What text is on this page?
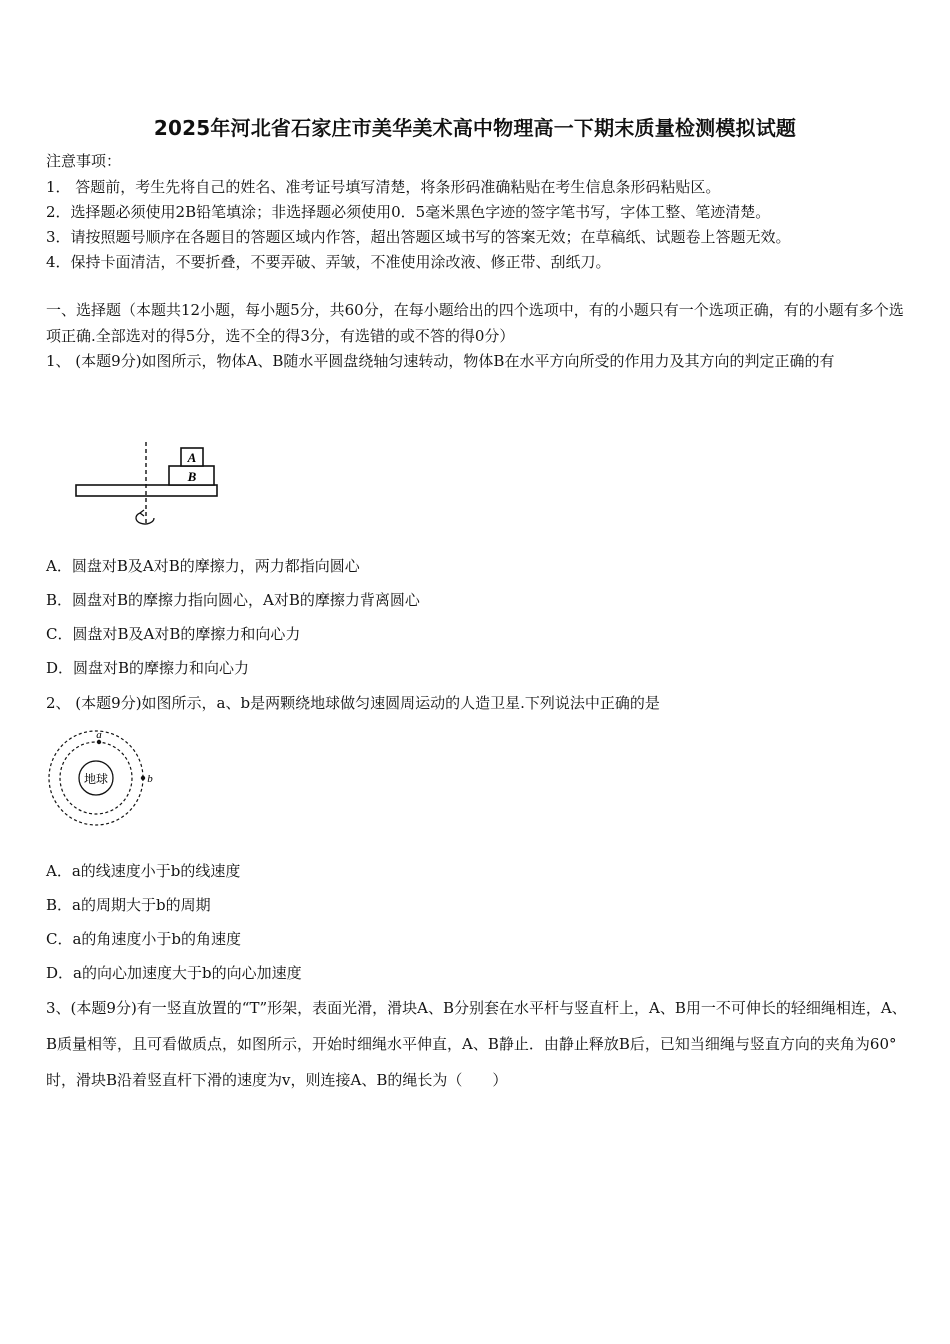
2025年河北省石家庄市美华美术高中物理高一下期末质量检测模拟试题
注意事项：
1． 答题前，考生先将自己的姓名、准考证号填写清楚，将条形码准确粘贴在考生信息条形码粘贴区。
2．选择题必须使用2B铅笔填涂；非选择题必须使用0．5毫米黑色字迹的签字笔书写，字体工整、笔迹清楚。
3．请按照题号顺序在各题目的答题区域内作答，超出答题区域书写的答案无效；在草稿纸、试题卷上答题无效。
4．保持卡面清洁，不要折叠，不要弄破、弄皱，不准使用涂改液、修正带、刮纸刀。
一、选择题（本题共12小题，每小题5分，共60分，在每小题给出的四个选项中，有的小题只有一个选项正确，有的小题有多个选项正确.全部选对的得5分，选不全的得3分，有选错的或不答的得0分）
1、 (本题9分)如图所示，物体A、B随水平圆盘绕轴匀速转动，物体B在水平方向所受的作用力及其方向的判定正确的有
A
B
A．圆盘对B及A对B的摩擦力，两力都指向圆心
B．圆盘对B的摩擦力指向圆心，A对B的摩擦力背离圆心
C．圆盘对B及A对B的摩擦力和向心力
D．圆盘对B的摩擦力和向心力
2、 (本题9分)如图所示，a、b是两颗绕地球做匀速圆周运动的人造卫星.下列说法中正确的是
地球
a
b
A．a的线速度小于b的线速度
B．a的周期大于b的周期
C．a的角速度小于b的角速度
D．a的向心加速度大于b的向心加速度
3、(本题9分)有一竖直放置的“T”形架，表面光滑，滑块A、B分别套在水平杆与竖直杆上，A、B用一不可伸长的轻细绳相连，A、B质量相等，且可看做质点，如图所示，开始时细绳水平伸直，A、B静止．由静止释放B后，已知当细绳与竖直方向的夹角为60°时，滑块B沿着竖直杆下滑的速度为v，则连接A、B的绳长为（　　）
